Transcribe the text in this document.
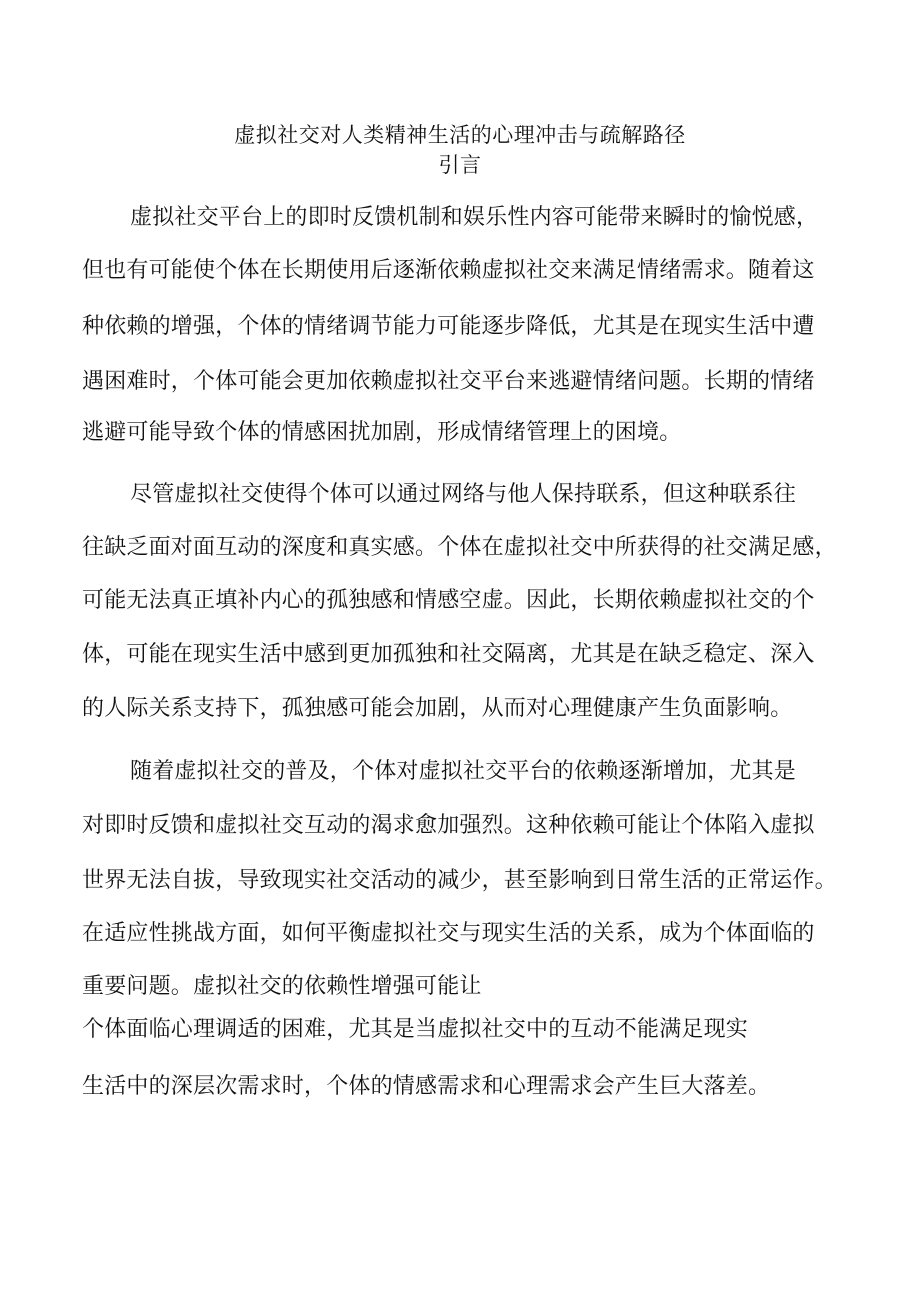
虚拟社交对人类精神生活的心理冲击与疏解路径
引言
虚拟社交平台上的即时反馈机制和娱乐性内容可能带来瞬时的愉悦感，
但也有可能使个体在长期使用后逐渐依赖虚拟社交来满足情绪需求。随着这
种依赖的增强，个体的情绪调节能力可能逐步降低，尤其是在现实生活中遭
遇困难时，个体可能会更加依赖虚拟社交平台来逃避情绪问题。长期的情绪
逃避可能导致个体的情感困扰加剧，形成情绪管理上的困境。
尽管虚拟社交使得个体可以通过网络与他人保持联系，但这种联系往
往缺乏面对面互动的深度和真实感。个体在虚拟社交中所获得的社交满足感，
可能无法真正填补内心的孤独感和情感空虚。因此，长期依赖虚拟社交的个
体，可能在现实生活中感到更加孤独和社交隔离，尤其是在缺乏稳定、深入
的人际关系支持下，孤独感可能会加剧，从而对心理健康产生负面影响。
随着虚拟社交的普及，个体对虚拟社交平台的依赖逐渐增加，尤其是
对即时反馈和虚拟社交互动的渴求愈加强烈。这种依赖可能让个体陷入虚拟
世界无法自拔，导致现实社交活动的减少，甚至影响到日常生活的正常运作。
在适应性挑战方面，如何平衡虚拟社交与现实生活的关系，成为个体面临的
重要问题。虚拟社交的依赖性增强可能让
个体面临心理调适的困难，尤其是当虚拟社交中的互动不能满足现实
生活中的深层次需求时，个体的情感需求和心理需求会产生巨大落差。
